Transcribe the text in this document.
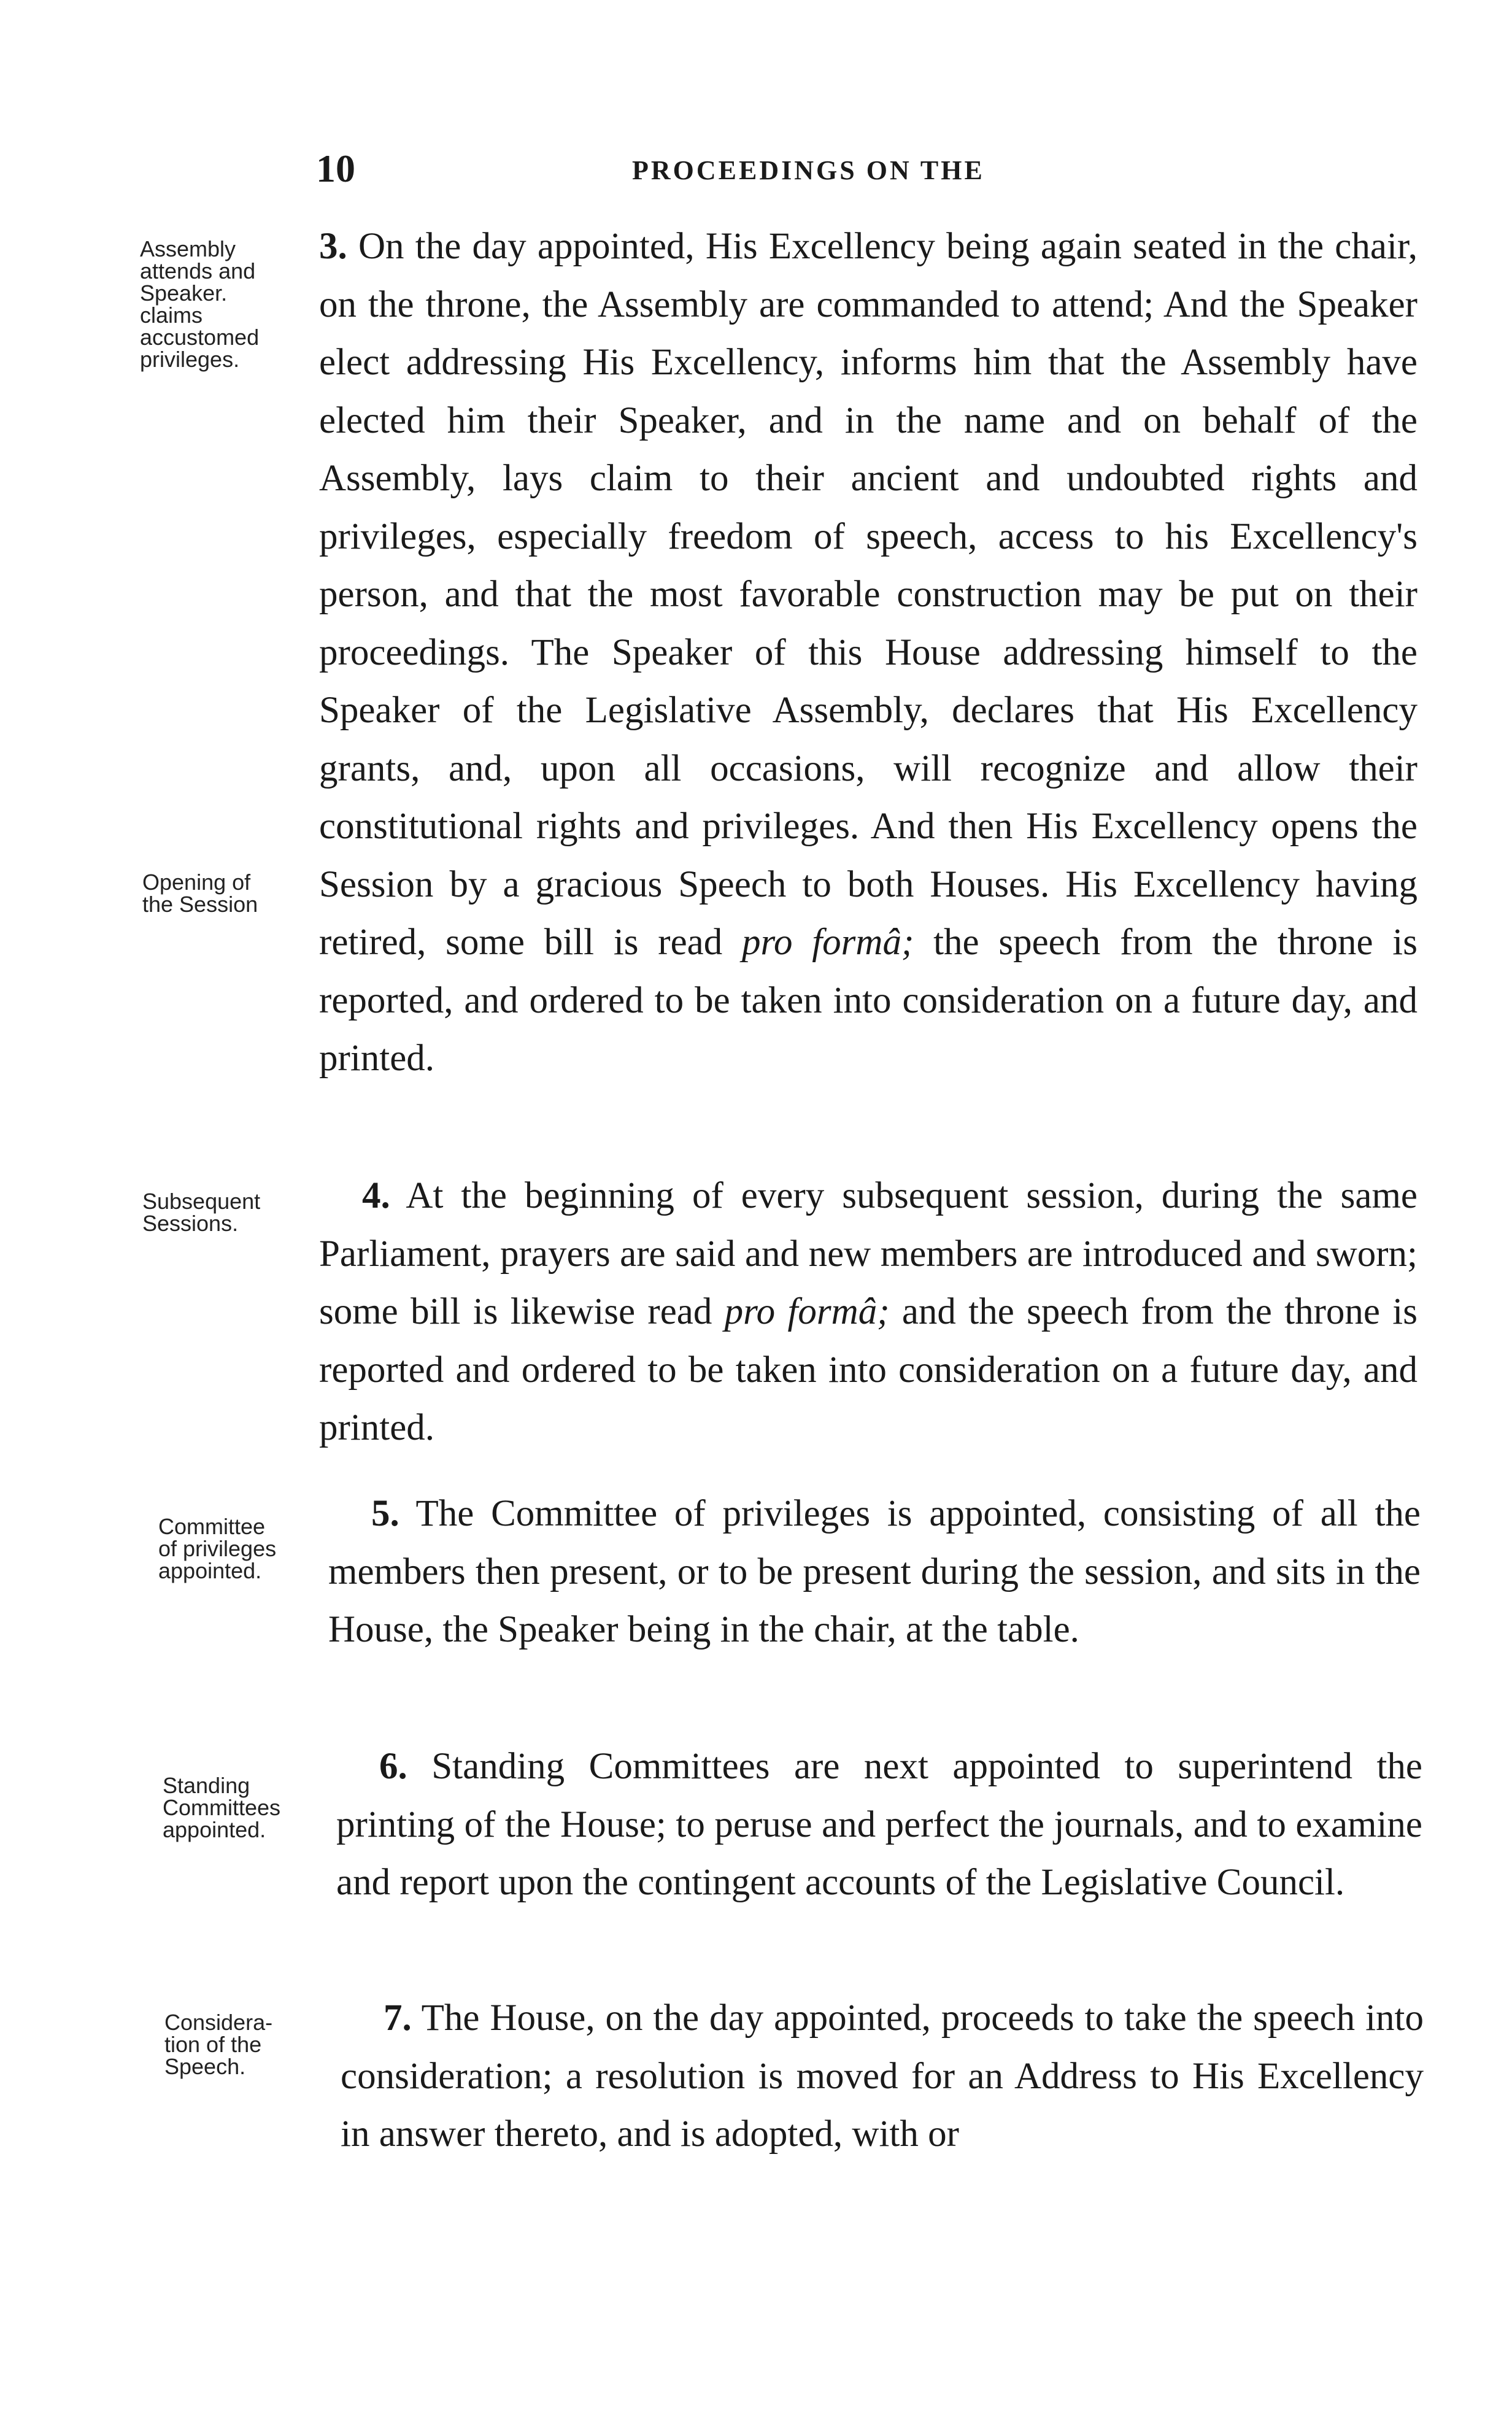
10	PROCEEDINGS ON THE
Assembly
attends and
Speaker.
claims
accustomed
privileges.
Opening of
the Session
Subsequent
Sessions.
Committee
of privileges
appointed.
Standing
Committees
appointed.
Considera-
tion of the
Speech.

3. On the day appointed, His Excellency being again seated in the chair, on the throne, the Assembly are commanded to attend; And the Speaker elect addressing His Excellency, informs him that the Assembly have elected him their Speaker, and in the name and on behalf of the Assembly, lays claim to their ancient and undoubted rights and privileges, especially freedom of speech, access to his Excellency's person, and that the most favorable construction may be put on their proceedings. The Speaker of this House addressing himself to the Speaker of the Legislative Assembly, declares that His Excellency grants, and, upon all occasions, will recognize and allow their constitutional rights and privileges. And then His Excellency opens the Session by a gracious Speech to both Houses. His Excellency having retired, some bill is read pro formâ; the speech from the throne is reported, and ordered to be taken into consideration on a future day, and printed.

4. At the beginning of every subsequent session, during the same Parliament, prayers are said and new members are introduced and sworn; some bill is likewise read pro formâ; and the speech from the throne is reported and ordered to be taken into consideration on a future day, and printed.

5. The Committee of privileges is appointed, consisting of all the members then present, or to be present during the session, and sits in the House, the Speaker being in the chair, at the table.

6. Standing Committees are next appointed to superintend the printing of the House; to peruse and perfect the journals, and to examine and report upon the contingent accounts of the Legislative Council.

7. The House, on the day appointed, proceeds to take the speech into consideration; a resolution is moved for an Address to His Excellency in answer thereto, and is adopted, with or
